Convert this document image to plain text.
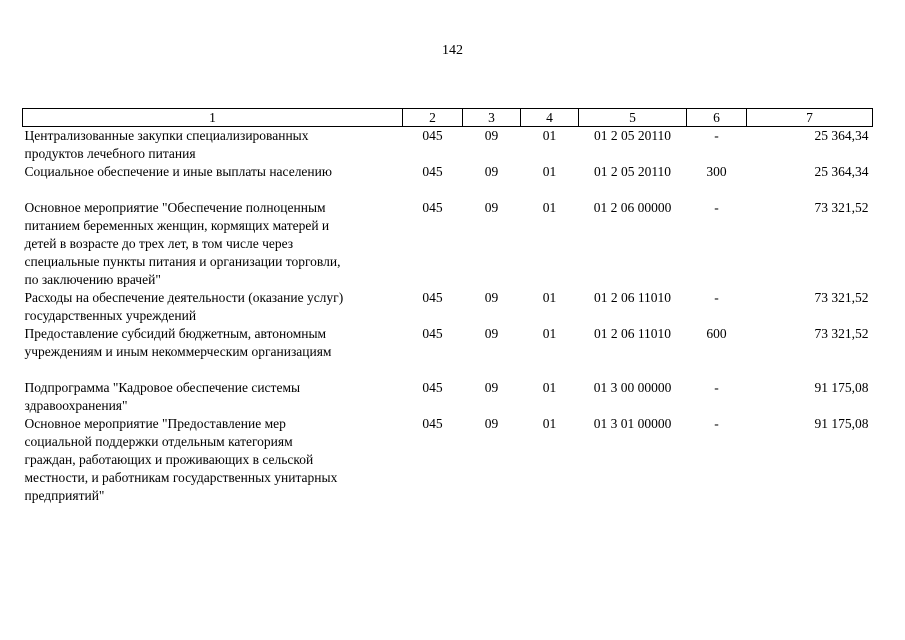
142
1	2	3	4	5	6	7

Централизованные закупки специализированных
продуктов лечебного питания	045	09	01	01 2 05 20110	-	25 364,34

Социальное обеспечение и иные выплаты населению	045	09	01	01 2 05 20110	300	25 364,34

Основное мероприятие "Обеспечение полноценным
питанием беременных женщин, кормящих матерей и
детей в возрасте до трех лет, в том числе через
специальные пункты питания и организации торговли,
по заключению врачей"	045	09	01	01 2 06 00000	-	73 321,52

Расходы на обеспечение деятельности (оказание услуг)
государственных учреждений	045	09	01	01 2 06 11010	-	73 321,52

Предоставление субсидий бюджетным, автономным
учреждениям и иным некоммерческим организациям	045	09	01	01 2 06 11010	600	73 321,52

Подпрограмма "Кадровое обеспечение системы
здравоохранения"	045	09	01	01 3 00 00000	-	91 175,08

Основное мероприятие "Предоставление мер
социальной поддержки отдельным категориям
граждан, работающих и проживающих в сельской
местности, и работникам государственных унитарных
предприятий"	045	09	01	01 3 01 00000	-	91 175,08
